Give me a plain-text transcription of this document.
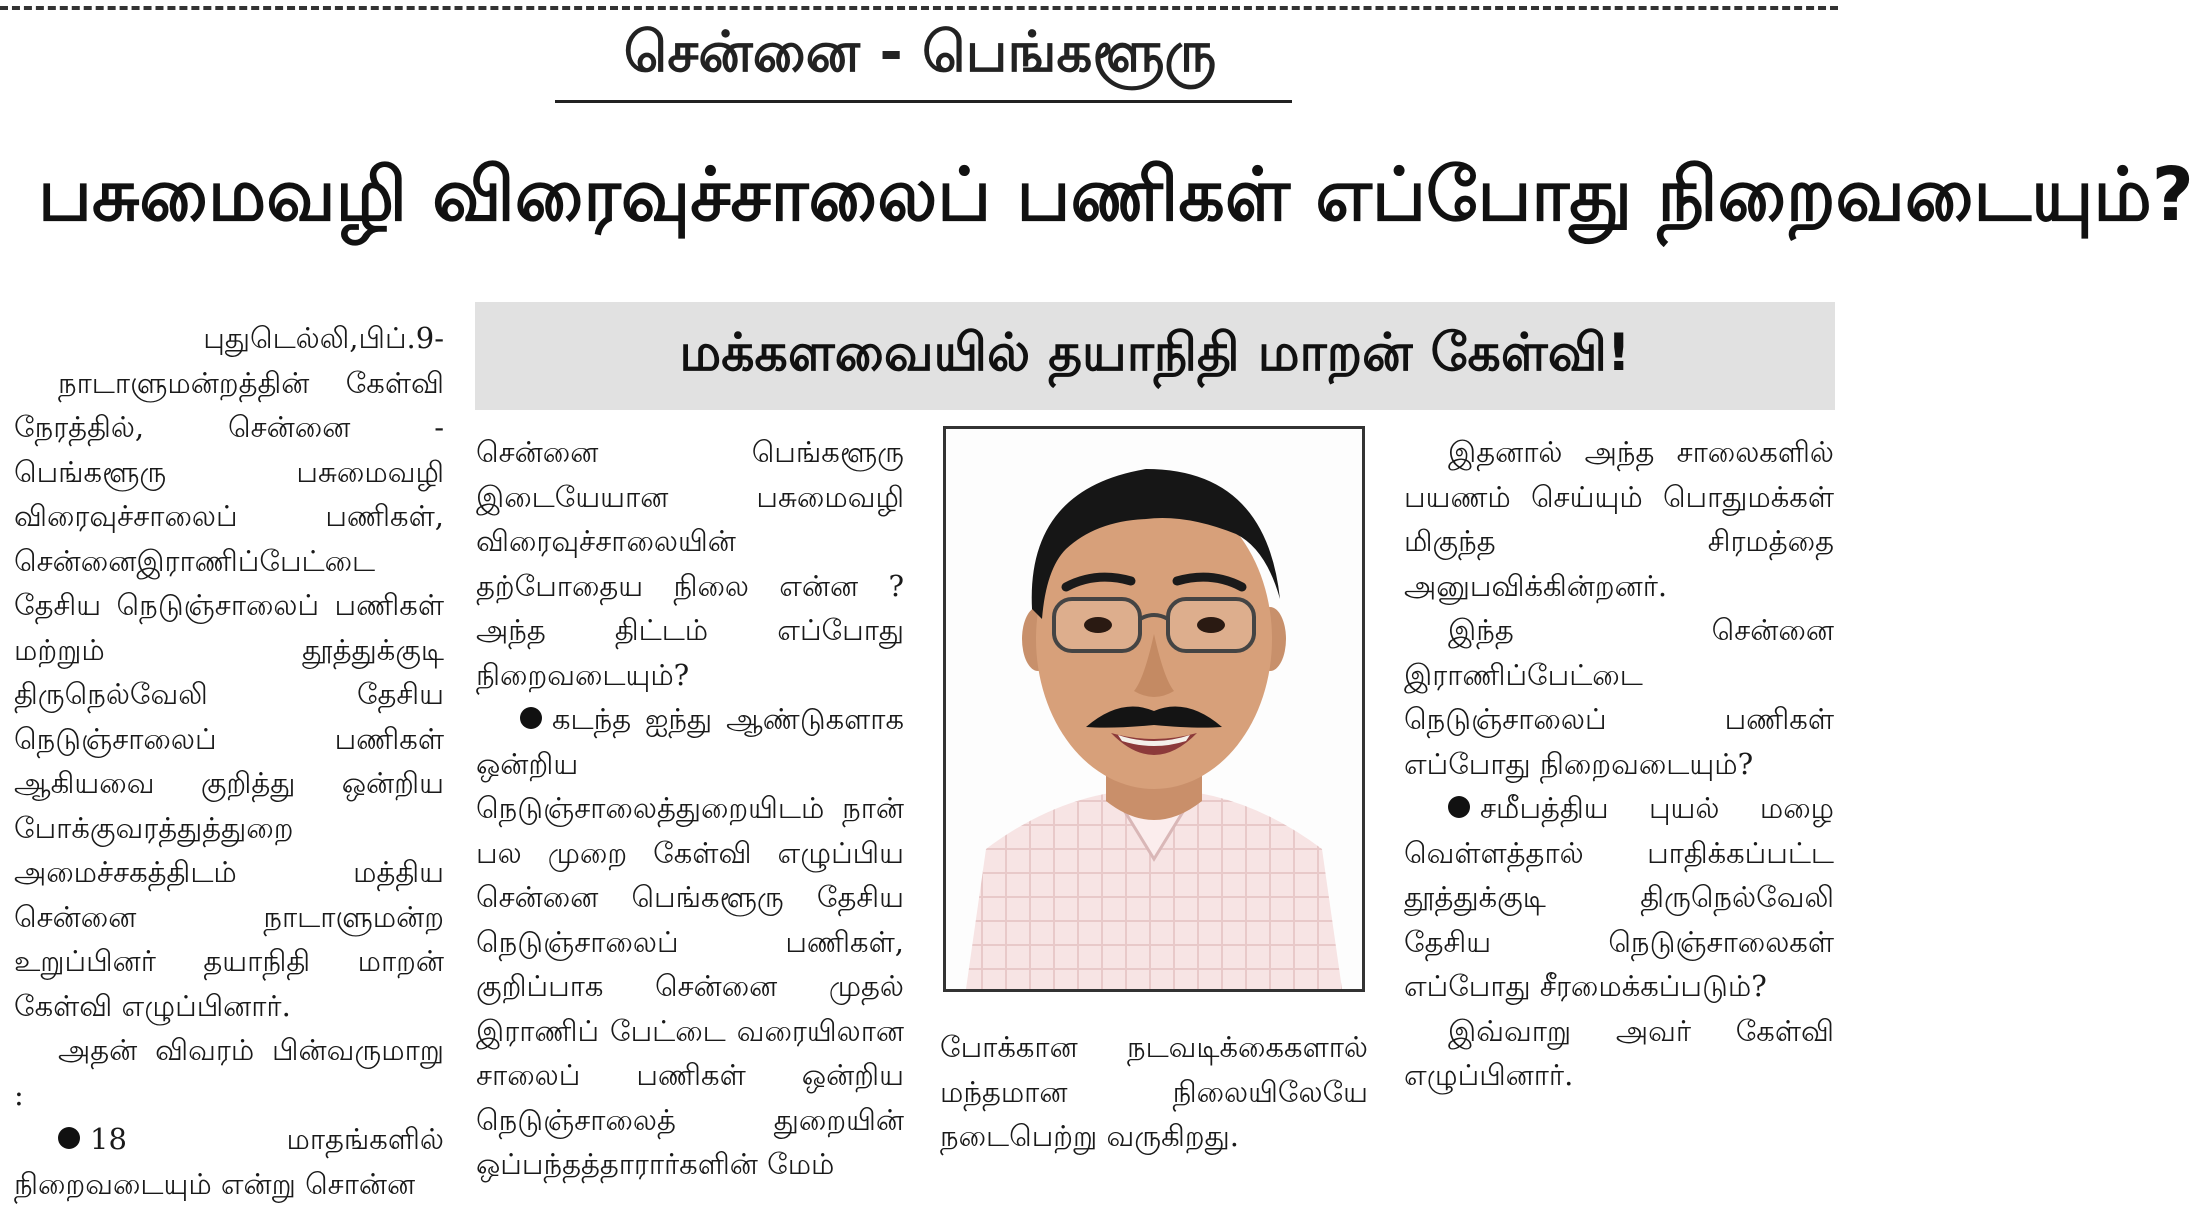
சென்னை - பெங்களூரு
பசுமைவழி விரைவுச்சாலைப் பணிகள் எப்போது நிறைவடையும்?
மக்களவையில் தயாநிதி மாறன் கேள்வி!
புதுடெல்லி,பிப்.9-

நாடாளுமன்றத்தின் கேள்வி நேரத்தில், சென்னை - பெங்களூரு பசுமைவழி விரைவுச்சாலைப் பணிகள், சென்னைஇராணிப்பேட்டை தேசிய நெடுஞ்சாலைப் பணிகள் மற்றும் தூத்துக்குடி திருநெல்வேலி தேசிய நெடுஞ்சாலைப் பணிகள் ஆகியவை குறித்து ஒன்றிய போக்குவரத்துத்துறை அமைச்சகத்திடம் மத்திய சென்னை நாடாளுமன்ற உறுப்பினர் தயாநிதி மாறன் கேள்வி எழுப்பினார்.

அதன் விவரம் பின்வருமாறு :

18 மாதங்களில் நிறைவடையும் என்று சொன்ன

சென்னை பெங்களூரு இடையேயான பசுமைவழி விரைவுச்சாலையின் தற்போதைய நிலை என்ன ? அந்த திட்டம் எப்போது நிறைவடையும்?

கடந்த ஐந்து ஆண்டுகளாக ஒன்றிய நெடுஞ்சாலைத்துறையிடம் நான் பல முறை கேள்வி எழுப்பிய சென்னை பெங்களூரு தேசிய நெடுஞ்சாலைப் பணிகள், குறிப்பாக சென்னை முதல் இராணிப் பேட்டை வரையிலான சாலைப் பணிகள் ஒன்றிய நெடுஞ்சாலைத் துறையின் ஒப்பந்தத்தாரார்களின் மேம்

போக்கான நடவடிக்கைகளால் மந்தமான நிலையிலேயே நடைபெற்று வருகிறது.

இதனால் அந்த சாலைகளில் பயணம் செய்யும் பொதுமக்கள் மிகுந்த சிரமத்தை அனுபவிக்கின்றனர்.

இந்த சென்னை இராணிப்பேட்டை நெடுஞ்சாலைப் பணிகள் எப்போது நிறைவடையும்?

சமீபத்திய புயல் மழை வெள்ளத்தால் பாதிக்கப்பட்ட தூத்துக்குடி திருநெல்வேலி தேசிய நெடுஞ்சாலைகள் எப்போது சீரமைக்கப்படும்?

இவ்வாறு அவர் கேள்வி எழுப்பினார்.
